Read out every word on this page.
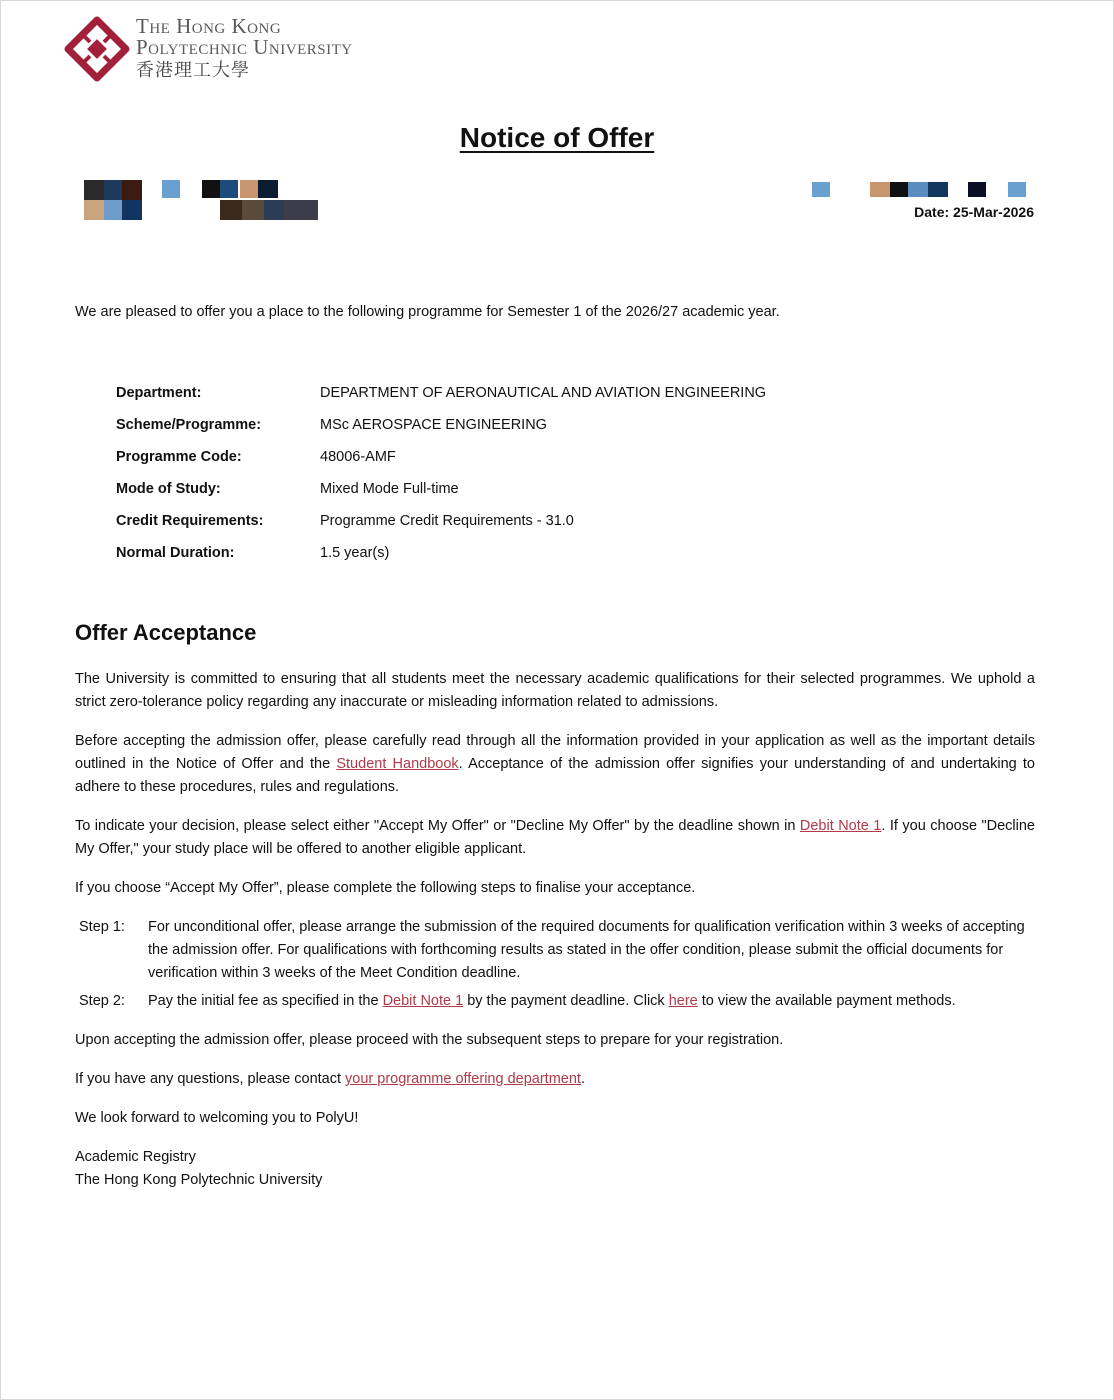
The Hong Kong
Polytechnic University
香港理工大學
Notice of Offer
Date: 25-Mar-2026
We are pleased to offer you a place to the following programme for Semester 1 of the 2026/27 academic year.
Department:	DEPARTMENT OF AERONAUTICAL AND AVIATION ENGINEERING
Scheme/Programme:	MSc AEROSPACE ENGINEERING
Programme Code:	48006-AMF
Mode of Study:	Mixed Mode Full-time
Credit Requirements:	Programme Credit Requirements - 31.0
Normal Duration:	1.5 year(s)
Offer Acceptance

The University is committed to ensuring that all students meet the necessary academic qualifications for their selected programmes. We uphold a strict zero-tolerance policy regarding any inaccurate or misleading information related to admissions.

Before accepting the admission offer, please carefully read through all the information provided in your application as well as the important details outlined in the Notice of Offer and the Student Handbook. Acceptance of the admission offer signifies your understanding of and undertaking to adhere to these procedures, rules and regulations.

To indicate your decision, please select either "Accept My Offer" or "Decline My Offer" by the deadline shown in Debit Note 1. If you choose "Decline My Offer," your study place will be offered to another eligible applicant.

If you choose “Accept My Offer”, please complete the following steps to finalise your acceptance.

Step 1: For unconditional offer, please arrange the submission of the required documents for qualification verification within 3 weeks of accepting the admission offer. For qualifications with forthcoming results as stated in the offer condition, please submit the official documents for verification within 3 weeks of the Meet Condition deadline.
Step 2: Pay the initial fee as specified in the Debit Note 1 by the payment deadline. Click here to view the available payment methods.

Upon accepting the admission offer, please proceed with the subsequent steps to prepare for your registration.

If you have any questions, please contact your programme offering department.

We look forward to welcoming you to PolyU!

Academic Registry

The Hong Kong Polytechnic University
